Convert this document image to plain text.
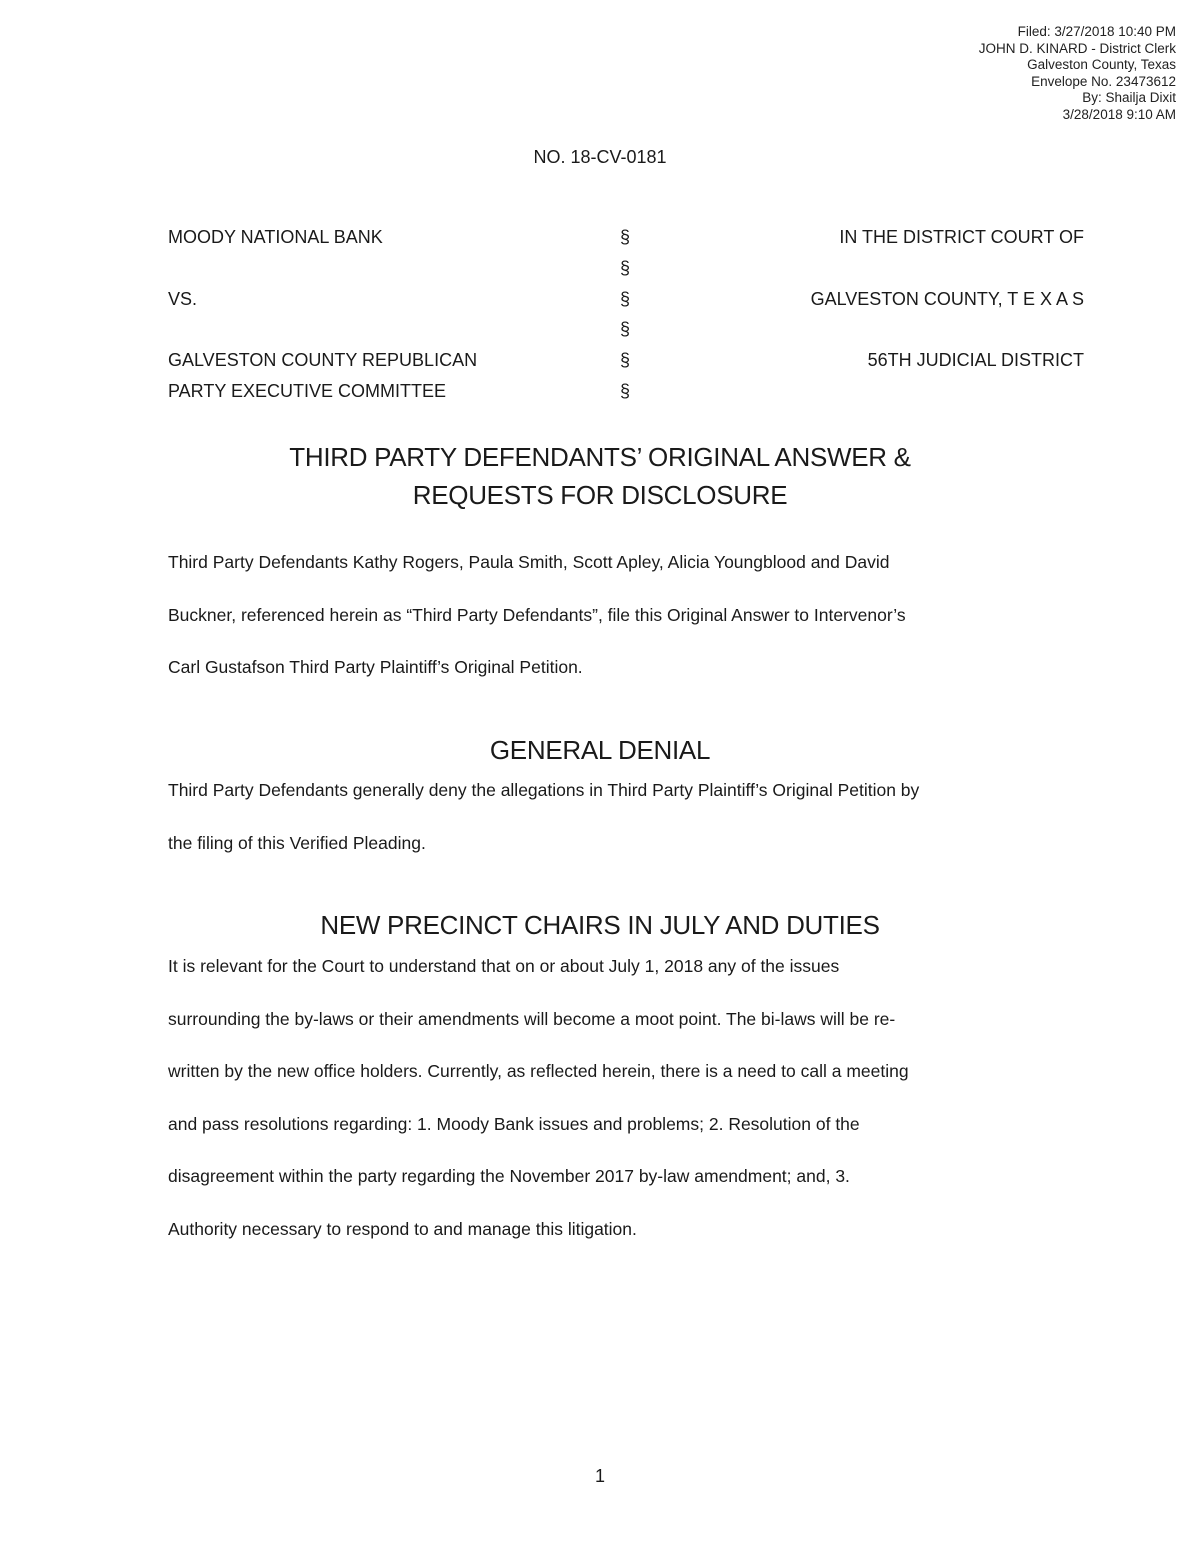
Filed: 3/27/2018 10:40 PM
JOHN D. KINARD - District Clerk
Galveston County, Texas
Envelope No. 23473612
By: Shailja Dixit
3/28/2018 9:10 AM
NO. 18-CV-0181
MOODY NATIONAL BANK	§	IN THE DISTRICT COURT OF
§
VS.	§	GALVESTON COUNTY, T E X A S
§
GALVESTON COUNTY REPUBLICAN	§	56TH JUDICIAL DISTRICT
PARTY EXECUTIVE COMMITTEE	§
THIRD PARTY DEFENDANTS’ ORIGINAL ANSWER &
REQUESTS FOR DISCLOSURE
Third Party Defendants Kathy Rogers, Paula Smith, Scott Apley, Alicia Youngblood and David
Buckner, referenced herein as “Third Party Defendants”, file this Original Answer to Intervenor’s
Carl Gustafson Third Party Plaintiff’s Original Petition.
GENERAL DENIAL
Third Party Defendants generally deny the allegations in Third Party Plaintiff’s Original Petition by
the filing of this Verified Pleading.
NEW PRECINCT CHAIRS IN JULY AND DUTIES
It is relevant for the Court to understand that on or about July 1, 2018 any of the issues
surrounding the by-laws or their amendments will become a moot point. The bi-laws will be re-
written by the new office holders. Currently, as reflected herein, there is a need to call a meeting
and pass resolutions regarding: 1. Moody Bank issues and problems; 2. Resolution of the
disagreement within the party regarding the November 2017 by-law amendment; and, 3.
Authority necessary to respond to and manage this litigation.
1
